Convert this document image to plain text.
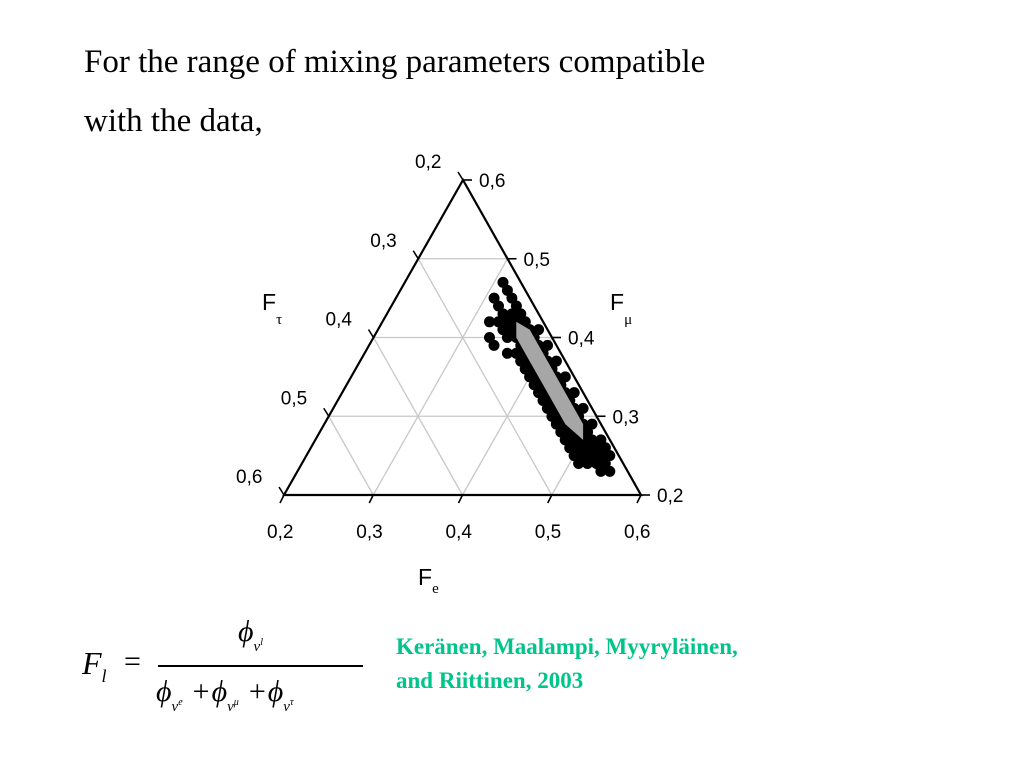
For the range of mixing parameters compatible
with the data,
0,2
0,6
0,2
0,3
0,5
0,3
0,4
0,4
0,4
0,5
0,3
0,5
0,6
0,2
0,6
$F_e$
$F_\mu$
$F_\tau$
$F_l$ =
$\phi_\nu l$
$\phi_\nu e +\phi_\nu\mu +\phi_\nu\tau$
Keränen, Maalampi, Myyryläinen,
and Riittinen, 2003
